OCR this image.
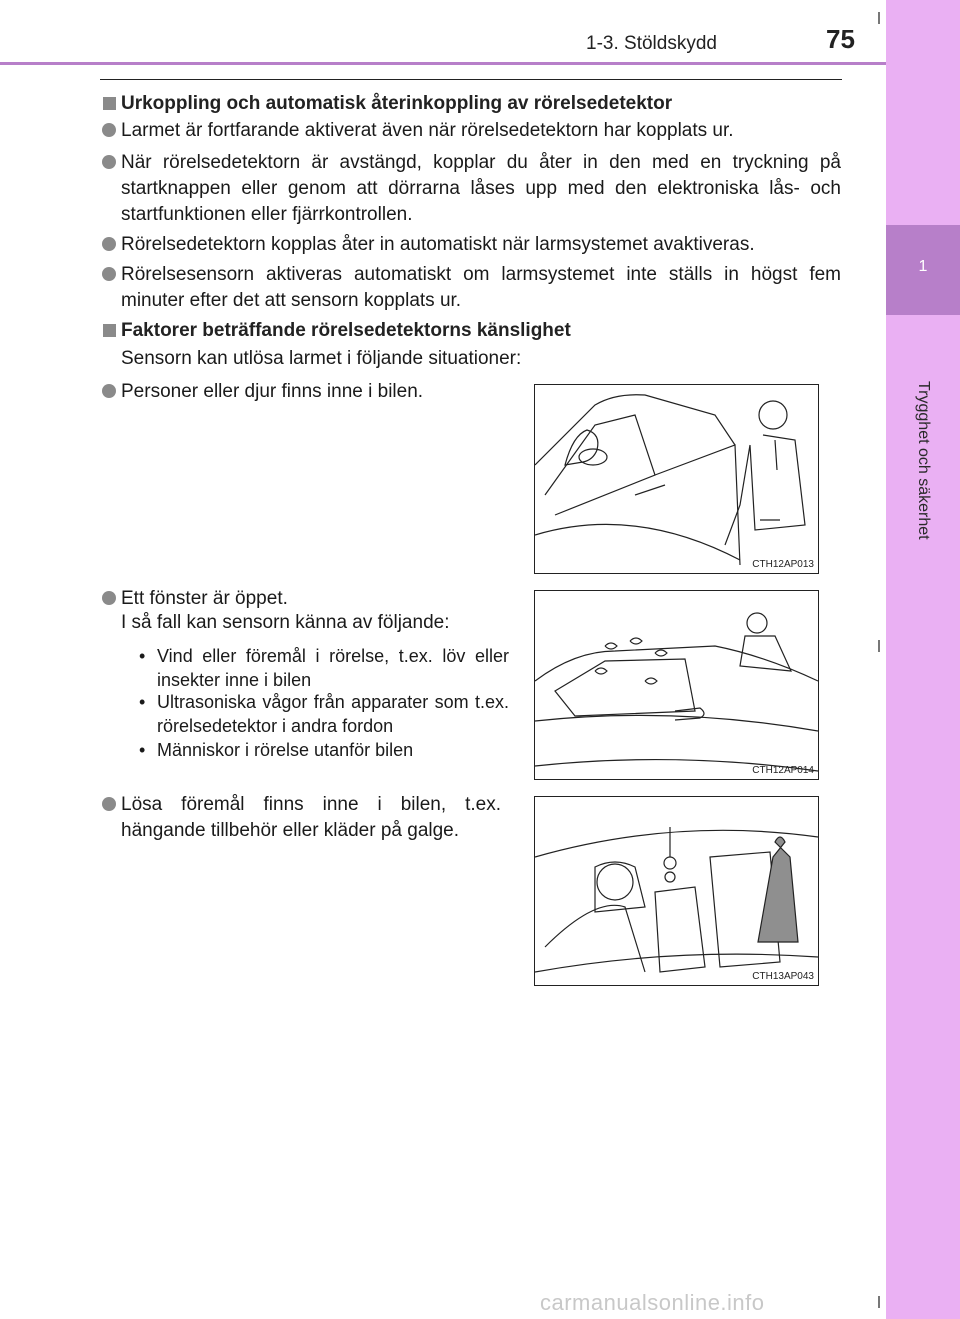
1-3. Stöldskydd	75
1
Trygghet och säkerhet
Urkoppling och automatisk återinkoppling av rörelsedetektor
Larmet är fortfarande aktiverat även när rörelsedetektorn har kopplats ur.
När rörelsedetektorn är avstängd, kopplar du åter in den med en tryckning på startknappen eller genom att dörrarna låses upp med den elektroniska lås- och startfunktionen eller fjärrkontrollen.
Rörelsedetektorn kopplas åter in automatiskt när larmsystemet avaktiveras.
Rörelsesensorn aktiveras automatiskt om larmsystemet inte ställs in högst fem minuter efter det att sensorn kopplats ur.
Faktorer beträffande rörelsedetektorns känslighet
Sensorn kan utlösa larmet i följande situationer:
Personer eller djur finns inne i bilen.
Ett fönster är öppet.
I så fall kan sensorn känna av följande:
• Vind eller föremål i rörelse, t.ex. löv eller insekter inne i bilen
• Ultrasoniska vågor från apparater som t.ex. rörelsedetektor i andra fordon
• Människor i rörelse utanför bilen
Lösa föremål finns inne i bilen, t.ex. hängande tillbehör eller kläder på galge.
CTH12AP013
CTH12AP014
CTH13AP043
carmanualsonline.info
